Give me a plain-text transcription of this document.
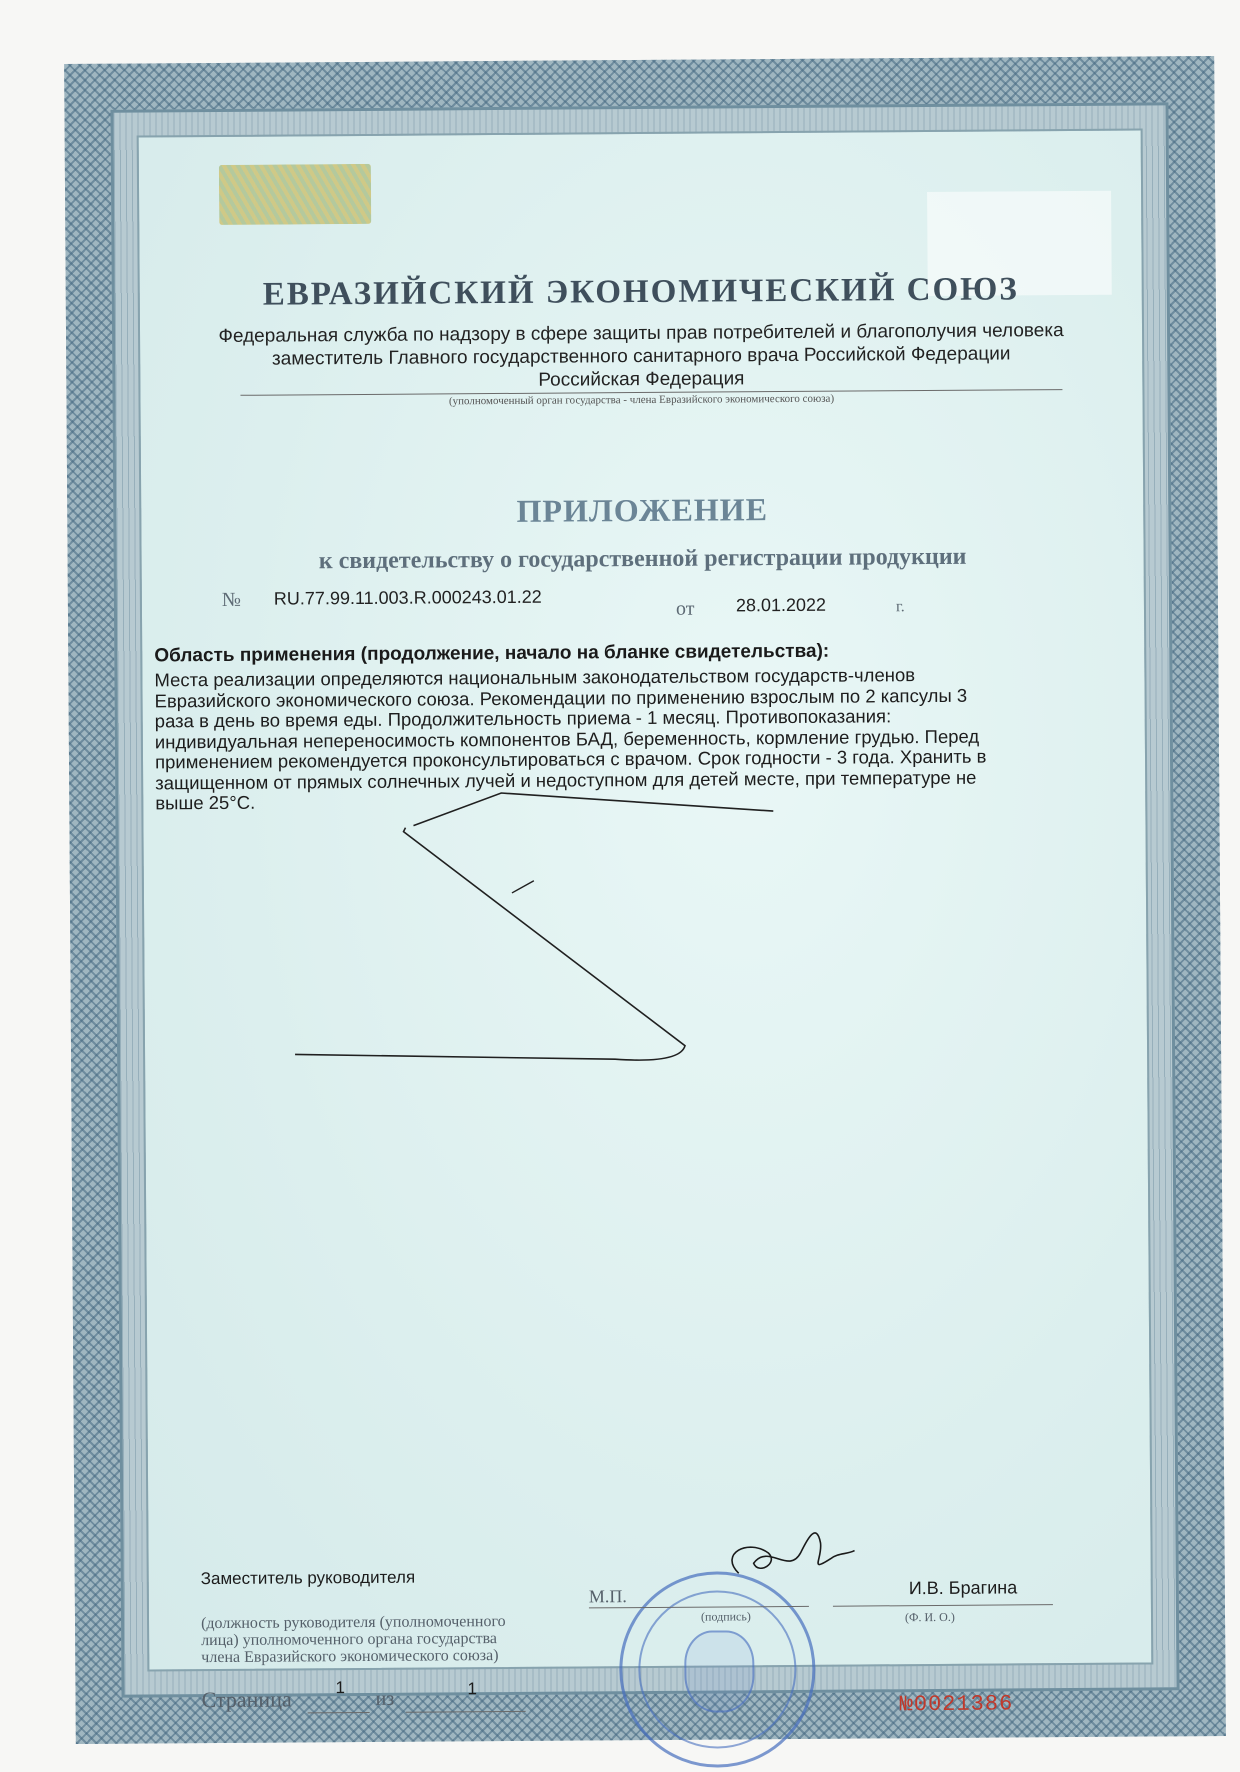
ЕВРАЗИЙСКИЙ ЭКОНОМИЧЕСКИЙ СОЮЗ
Федеральная служба по надзору в сфере защиты прав потребителей и благополучия человека
заместитель Главного государственного санитарного врача Российской Федерации
Российская Федерация
(уполномоченный орган государства - члена Евразийского экономического союза)
ПРИЛОЖЕНИЕ
к свидетельству о государственной регистрации продукции
№ RU.77.99.11.003.R.000243.01.22	от 28.01.2022	г.
Область применения (продолжение, начало на бланке свидетельства):
Места реализации определяются национальным законодательством государств-членов
Евразийского экономического союза. Рекомендации по применению взрослым по 2 капсулы 3
раза в день во время еды. Продолжительность приема - 1 месяц. Противопоказания:
индивидуальная непереносимость компонентов БАД, беременность, кормление грудью. Перед
применением рекомендуется проконсультироваться с врачом. Срок годности - 3 года. Хранить в
защищенном от прямых солнечных лучей и недоступном для детей месте, при температуре не
выше 25°С.
Заместитель руководителя
(должность руководителя (уполномоченного
лица) уполномоченного органа государства
члена Евразийского экономического союза)
М.П.
(подпись)
И.В. Брагина
(Ф. И. О.)
Страница	1
из	1
№0021386
